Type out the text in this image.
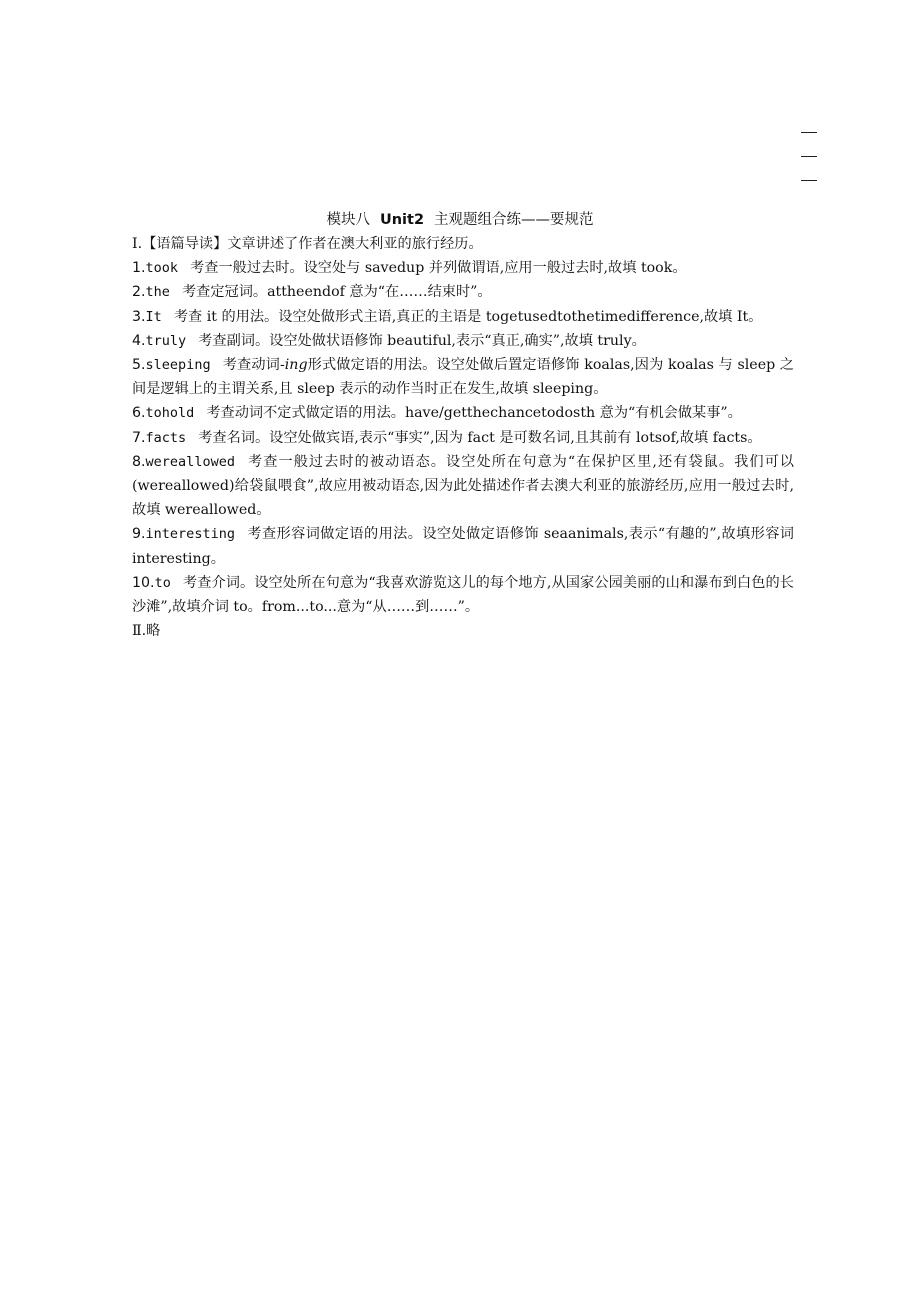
模块八 Unit2 主观题组合练——要规范

Ⅰ.【语篇导读】文章讲述了作者在澳大利亚的旅行经历。

1.took 考查一般过去时。设空处与 savedup 并列做谓语,应用一般过去时,故填 took。

2.the 考查定冠词。attheendof 意为“在……结束时”。

3.It 考查 it 的用法。设空处做形式主语,真正的主语是 togetusedtothetimedifference,故填 It。

4.truly 考查副词。设空处做状语修饰 beautiful,表示“真正,确实”,故填 truly。

5.sleeping 考查动词-ing形式做定语的用法。设空处做后置定语修饰 koalas,因为 koalas 与 sleep 之间是逻辑上的主谓关系,且 sleep 表示的动作当时正在发生,故填 sleeping。

6.tohold 考查动词不定式做定语的用法。have/getthechancetodosth 意为“有机会做某事”。

7.facts 考查名词。设空处做宾语,表示“事实”,因为 fact 是可数名词,且其前有 lotsof,故填 facts。

8.wereallowed 考查一般过去时的被动语态。设空处所在句意为“在保护区里,还有袋鼠。我们可以(wereallowed)给袋鼠喂食”,故应用被动语态,因为此处描述作者去澳大利亚的旅游经历,应用一般过去时,故填 wereallowed。

9.interesting 考查形容词做定语的用法。设空处做定语修饰 seaanimals,表示“有趣的”,故填形容词 interesting。

10.to 考查介词。设空处所在句意为“我喜欢游览这儿的每个地方,从国家公园美丽的山和瀑布到白色的长沙滩”,故填介词 to。from...to...意为“从……到……”。

Ⅱ.略
